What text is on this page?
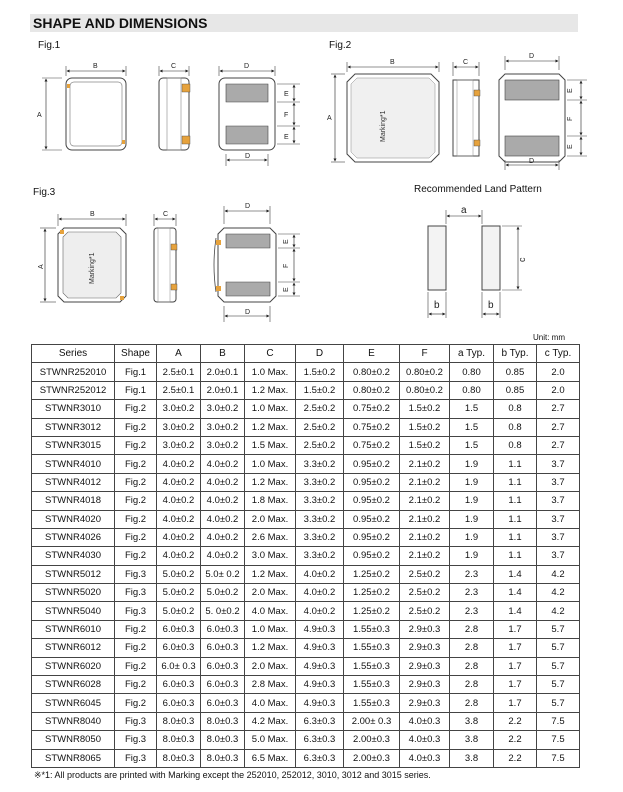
SHAPE AND DIMENSIONS
Fig.1	Fig.2
Fig.3	Recommended Land Pattern
B
A
C	D
D
E
F
E	Marking*1
B
A
C
D
D
E
F
E
Marking*1
B
A
C
D
D
E
F
E
a
c
b	b
Unit: mm
Series	Shape	A	B	C	D	E	F	a Typ.	b Typ.	c Typ.
STWNR252010	Fig.1	2.5±0.1	2.0±0.1	1.0 Max.	1.5±0.2	0.80±0.2	0.80±0.2	0.80	0.85	2.0
STWNR252012	Fig.1	2.5±0.1	2.0±0.1	1.2 Max.	1.5±0.2	0.80±0.2	0.80±0.2	0.80	0.85	2.0
STWNR3010	Fig.2	3.0±0.2	3.0±0.2	1.0 Max.	2.5±0.2	0.75±0.2	1.5±0.2	1.5	0.8	2.7
STWNR3012	Fig.2	3.0±0.2	3.0±0.2	1.2 Max.	2.5±0.2	0.75±0.2	1.5±0.2	1.5	0.8	2.7
STWNR3015	Fig.2	3.0±0.2	3.0±0.2	1.5 Max.	2.5±0.2	0.75±0.2	1.5±0.2	1.5	0.8	2.7
STWNR4010	Fig.2	4.0±0.2	4.0±0.2	1.0 Max.	3.3±0.2	0.95±0.2	2.1±0.2	1.9	1.1	3.7
STWNR4012	Fig.2	4.0±0.2	4.0±0.2	1.2 Max.	3.3±0.2	0.95±0.2	2.1±0.2	1.9	1.1	3.7
STWNR4018	Fig.2	4.0±0.2	4.0±0.2	1.8 Max.	3.3±0.2	0.95±0.2	2.1±0.2	1.9	1.1	3.7
STWNR4020	Fig.2	4.0±0.2	4.0±0.2	2.0 Max.	3.3±0.2	0.95±0.2	2.1±0.2	1.9	1.1	3.7
STWNR4026	Fig.2	4.0±0.2	4.0±0.2	2.6 Max.	3.3±0.2	0.95±0.2	2.1±0.2	1.9	1.1	3.7
STWNR4030	Fig.2	4.0±0.2	4.0±0.2	3.0 Max.	3.3±0.2	0.95±0.2	2.1±0.2	1.9	1.1	3.7
STWNR5012	Fig.3	5.0±0.2	5.0± 0.2	1.2 Max.	4.0±0.2	1.25±0.2	2.5±0.2	2.3	1.4	4.2
STWNR5020	Fig.3	5.0±0.2	5.0±0.2	2.0 Max.	4.0±0.2	1.25±0.2	2.5±0.2	2.3	1.4	4.2
STWNR5040	Fig.3	5.0±0.2	5. 0±0.2	4.0 Max.	4.0±0.2	1.25±0.2	2.5±0.2	2.3	1.4	4.2
STWNR6010	Fig.2	6.0±0.3	6.0±0.3	1.0 Max.	4.9±0.3	1.55±0.3	2.9±0.3	2.8	1.7	5.7
STWNR6012	Fig.2	6.0±0.3	6.0±0.3	1.2 Max.	4.9±0.3	1.55±0.3	2.9±0.3	2.8	1.7	5.7
STWNR6020	Fig.2	6.0± 0.3	6.0±0.3	2.0 Max.	4.9±0.3	1.55±0.3	2.9±0.3	2.8	1.7	5.7
STWNR6028	Fig.2	6.0±0.3	6.0±0.3	2.8 Max.	4.9±0.3	1.55±0.3	2.9±0.3	2.8	1.7	5.7
STWNR6045	Fig.2	6.0±0.3	6.0±0.3	4.0 Max.	4.9±0.3	1.55±0.3	2.9±0.3	2.8	1.7	5.7
STWNR8040	Fig.3	8.0±0.3	8.0±0.3	4.2 Max.	6.3±0.3	2.00± 0.3	4.0±0.3	3.8	2.2	7.5
STWNR8050	Fig.3	8.0±0.3	8.0±0.3	5.0 Max.	6.3±0.3	2.00±0.3	4.0±0.3	3.8	2.2	7.5
STWNR8065	Fig.3	8.0±0.3	8.0±0.3	6.5 Max.	6.3±0.3	2.00±0.3	4.0±0.3	3.8	2.2	7.5
※*1: All products are printed with Marking except the 252010, 252012, 3010, 3012 and 3015 series.
